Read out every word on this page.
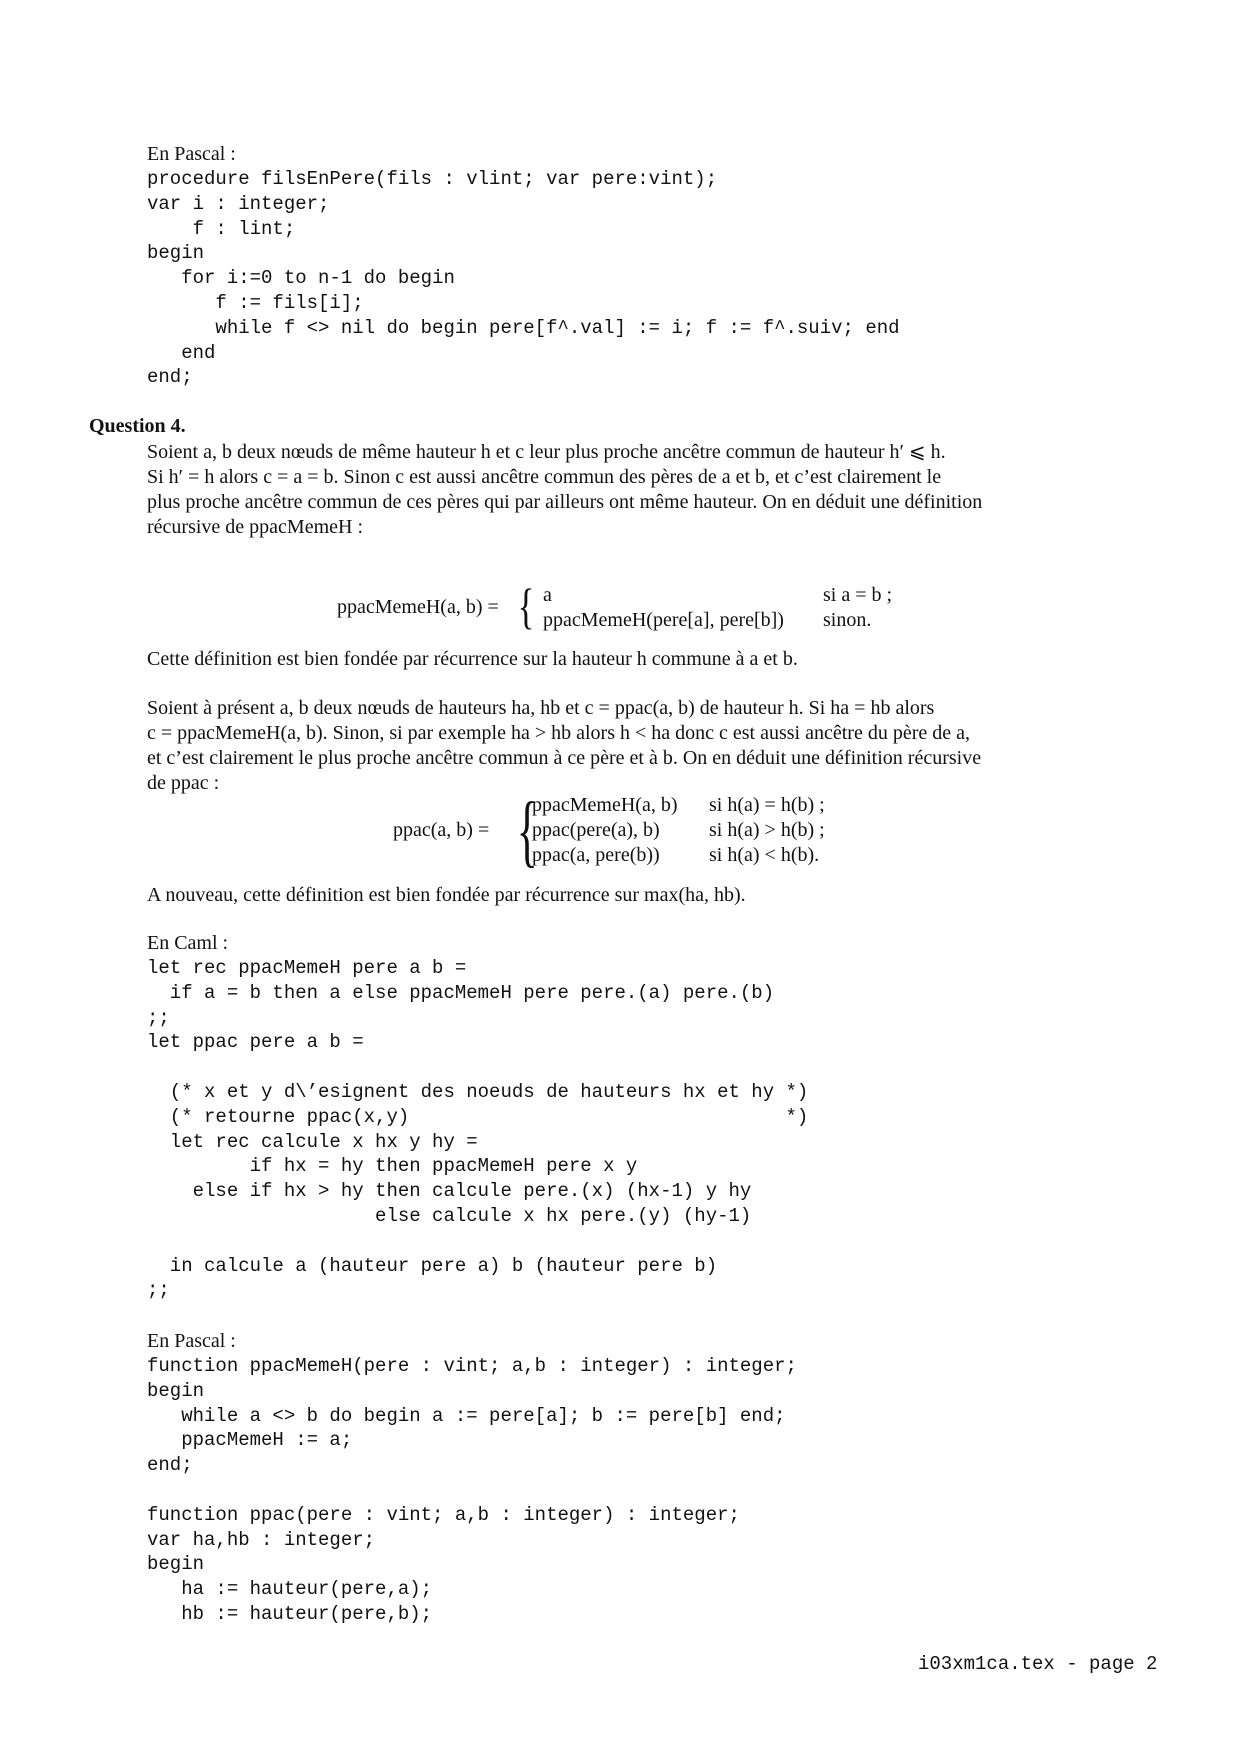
En Pascal :
procedure filsEnPere(fils : vlint; var pere:vint);
var i : integer;
f : lint;
begin
for i:=0 to n-1 do begin
f := fils[i];
while f <> nil do begin pere[f^.val] := i; f := f^.suiv; end
end
end;
Question 4.
Soient a, b deux nœuds de même hauteur h et c leur plus proche ancêtre commun de hauteur h′ ⩽ h.
Si h′ = h alors c = a = b. Sinon c est aussi ancêtre commun des pères de a et b, et c’est clairement le
plus proche ancêtre commun de ces pères qui par ailleurs ont même hauteur. On en déduit une définition
récursive de ppacMemeH :
ppacMemeH(a, b) = { a	si a = b ;
ppacMemeH(pere[a], pere[b]) sinon.
Cette définition est bien fondée par récurrence sur la hauteur h commune à a et b.
Soient à présent a, b deux nœuds de hauteurs ha, hb et c = ppac(a, b) de hauteur h. Si ha = hb alors
c = ppacMemeH(a, b). Sinon, si par exemple ha > hb alors h < ha donc c est aussi ancêtre du père de a,
et c’est clairement le plus proche ancêtre commun à ce père et à b. On en déduit une définition récursive
de ppac :
ppac(a, b) = {
ppacMemeH(a, b) si h(a) = h(b) ;
ppac(pere(a), b) si h(a) > h(b) ;
ppac(a, pere(b)) si h(a) < h(b).
A nouveau, cette définition est bien fondée par récurrence sur max(ha, hb).
En Caml :
let rec ppacMemeH pere a b =
if a = b then a else ppacMemeH pere pere.(a) pere.(b)
;;
let ppac pere a b =
(* x et y d\’esignent des noeuds de hauteurs hx et hy *)
(* retourne ppac(x,y)                                 *)
let rec calcule x hx y hy =
if hx = hy then ppacMemeH pere x y
else if hx > hy then calcule pere.(x) (hx-1) y hy
else calcule x hx pere.(y) (hy-1)
in calcule a (hauteur pere a) b (hauteur pere b)
;;
En Pascal :
function ppacMemeH(pere : vint; a,b : integer) : integer;
begin
while a <> b do begin a := pere[a]; b := pere[b] end;
ppacMemeH := a;
end;
function ppac(pere : vint; a,b : integer) : integer;
var ha,hb : integer;
begin
ha := hauteur(pere,a);
hb := hauteur(pere,b);
i03xm1ca.tex - page 2
